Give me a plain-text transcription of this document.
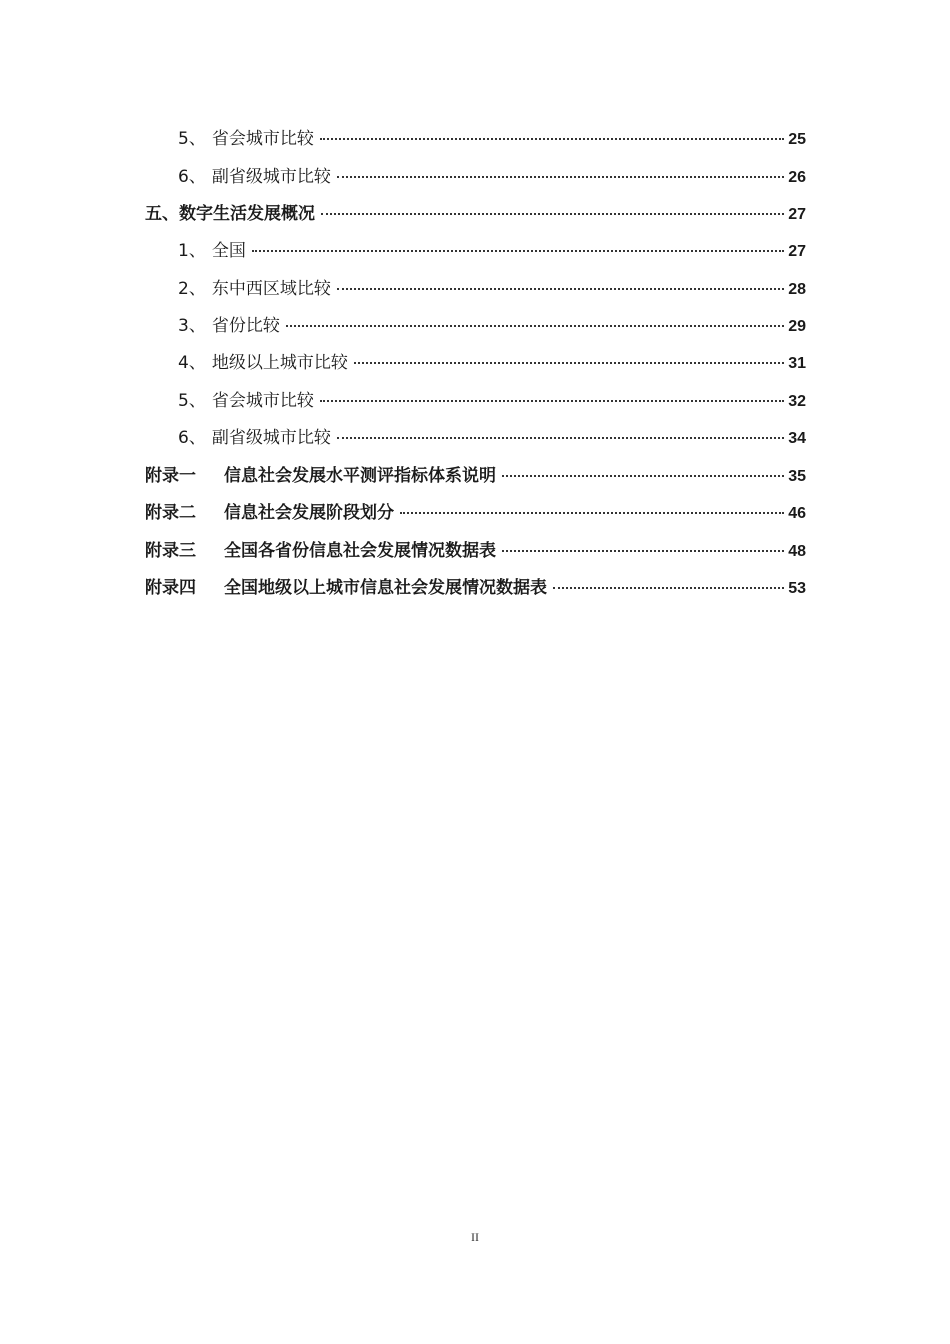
5、 省会城市比较	25
6、 副省级城市比较	26
五、数字生活发展概况	27
1、 全国	27
2、 东中西区域比较	28
3、 省份比较	29
4、 地级以上城市比较	31
5、 省会城市比较	32
6、 副省级城市比较	34
附录一 信息社会发展水平测评指标体系说明	35
附录二 信息社会发展阶段划分	46
附录三 全国各省份信息社会发展情况数据表	48
附录四 全国地级以上城市信息社会发展情况数据表	53
II
